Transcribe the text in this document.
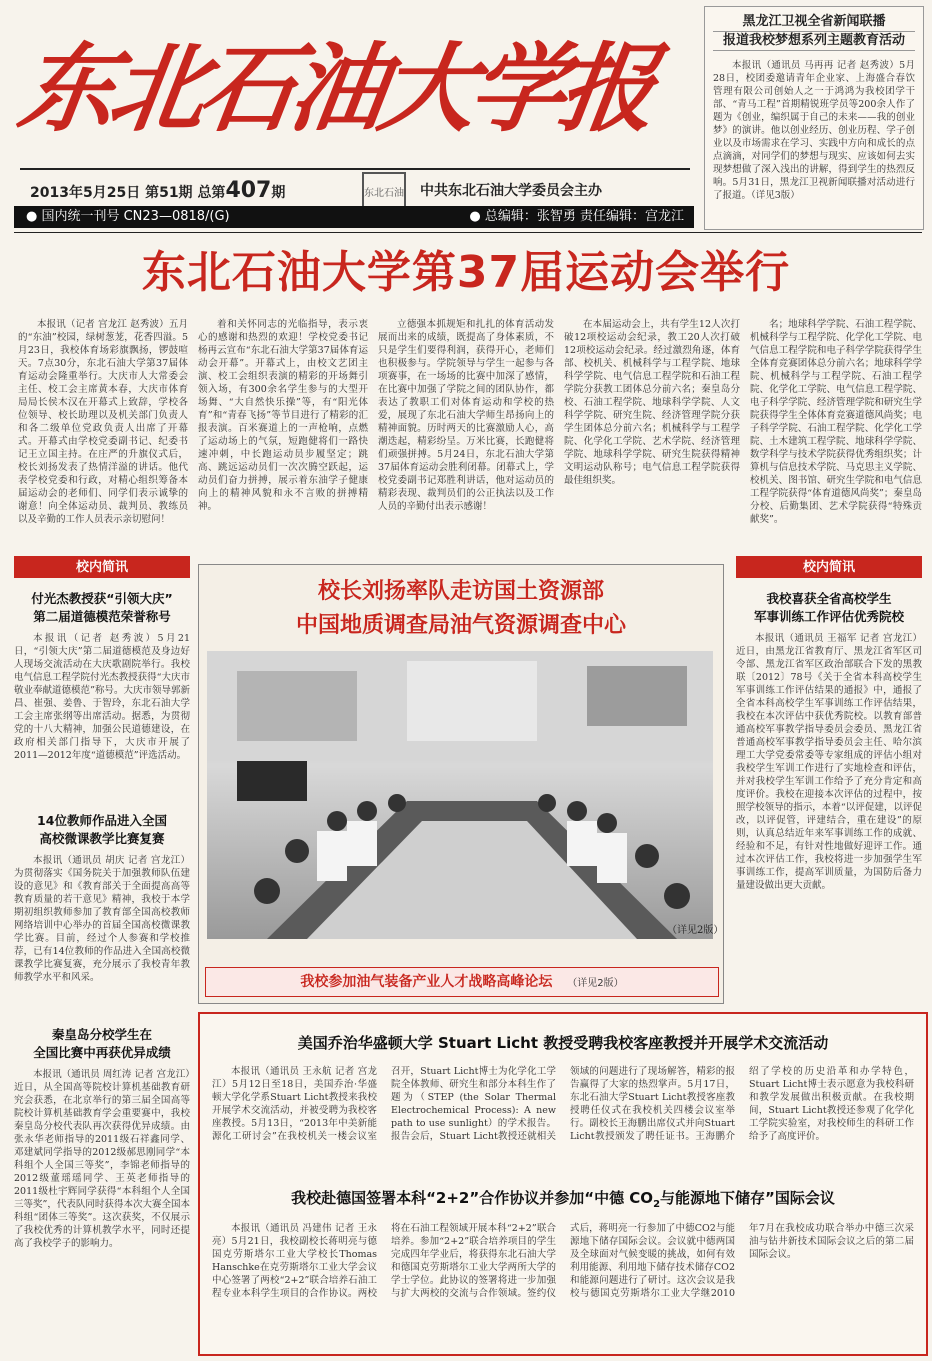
东北石油大学报
2013年5月25日 第51期 总第407期	东北石油 中共东北石油大学委员会主办
● 国内统一刊号 CN23—0818/(G)	● 总编辑：张智勇 责任编辑：宫龙江
黑龙江卫视全省新闻联播
报道我校梦想系列主题教育活动

本报讯（通讯员 马再再 记者 赵秀波）5月28日，校团委邀请青年企业家、上海盛合春饮管理有限公司创始人之一于鸿鸿为我校团学干部、“青马工程”首期精锐班学员等200余人作了题为《创业，编织属于自己的未来——我的创业梦》的演讲。他以创业经历、创业历程、学子创业以及市场需求在学习、实践中方向和成长的点点滴滴，对同学们的梦想与现实、应该如何去实现梦想做了深入浅出的讲解，得到学生的热烈反响。5月31日，黑龙江卫视新闻联播对活动进行了报道。（详见3版）

东北石油大学第37届运动会举行

本报讯（记者 宫龙江 赵秀波）五月的“东油”校园，绿树葱茏，花香四溢。5月23日，我校体育场彩旗飘扬，锣鼓喧天。7点30分，东北石油大学第37届体育运动会隆重举行。大庆市人大常委会主任、校工会主席黄本春，大庆市体育局局长侯木汉在开幕式上致辞，学校各位领导、校长助理以及机关部门负责人和各二级单位党政负责人出席了开幕式。开幕式由学校党委副书记、纪委书记王立国主持。在庄严的升旗仪式后，校长刘扬发表了热情洋溢的讲话。他代表学校党委和行政，对精心组织筹备本届运动会的老师们、同学们表示诚挚的谢意！向全体运动员、裁判员、教练员以及辛勤的工作人员表示亲切慰问！

着和关怀同志的光临指导，表示衷心的感谢和热烈的欢迎！学校党委书记杨再云宣布“东北石油大学第37届体育运动会开幕”。开幕式上，由校文艺团主演、校工会组织表演的精彩的开场舞引领入场，有300余名学生参与的大型开场舞、“大自然快乐操”等，有“阳光体育”和“青春飞扬”等节目进行了精彩的汇报表演。百米赛道上的一声枪响，点燃了运动场上的气氛，短跑健将们一路快速冲刺，中长跑运动员步履坚定；跳高、跳远运动员们一次次腾空跃起，运动员们奋力拼搏，展示着东油学子健康向上的精神风貌和永不言败的拼搏精神。

立德强本抓规矩和扎扎的体育活动发展而出来的成绩，既提高了身体素质，不只是学生们要得利润，获得开心，老师们也积极参与。学院领导与学生一起参与各项赛事，在一场场的比赛中加深了感情，在比赛中加强了学院之间的团队协作，都表达了教职工们对体育运动和学校的热爱，展现了东北石油大学师生昂扬向上的精神面貌。历时两天的比赛激励人心，高潮迭起，精彩纷呈。万米比赛，长跑健将们顽强拼搏。5月24日，东北石油大学第37届体育运动会胜利闭幕。闭幕式上，学校党委副书记郑胜利讲话，他对运动员的精彩表现、裁判员们的公正执法以及工作人员的辛勤付出表示感谢！

在本届运动会上，共有学生12人次打破12项校运动会纪录，教工20人次打破12项校运动会纪录。经过激烈角逐，体育部、校机关、机械科学与工程学院、地球科学学院、电气信息工程学院和石油工程学院分获教工团体总分前六名；秦皇岛分校、石油工程学院、地球科学学院、人文科学学院、研究生院、经济管理学院分获学生团体总分前六名；机械科学与工程学院、化学化工学院、艺术学院、经济管理学院、地球科学学院、研究生院获得精神文明运动队称号；电气信息工程学院获得最佳组织奖。

名；地球科学学院、石油工程学院、机械科学与工程学院、化学化工学院、电气信息工程学院和电子科学学院获得学生全体育竞赛团体总分前六名；地球科学学院、机械科学与工程学院、石油工程学院、化学化工学院、电气信息工程学院、电子科学学院、经济管理学院和研究生学院获得学生全体体育竞赛道德风尚奖；电子科学学院、石油工程学院、化学化工学院、土木建筑工程学院、地球科学学院、数学科学与技术学院获得优秀组织奖；计算机与信息技术学院、马克思主义学院、校机关、图书馆、研究生学院和电气信息工程学院获得“体育道德风尚奖”；秦皇岛分校、后勤集团、艺术学院获得“特殊贡献奖”。

校内简讯
付光杰教授获“引领大庆”
第二届道德模范荣誉称号

本报讯（记者 赵秀波）5月21日，“引领大庆”第二届道德模范及身边好人现场交流活动在大庆歌剧院举行。我校电气信息工程学院付光杰教授获得“大庆市敬业奉献道德模范”称号。大庆市领导郭新昌、崔强、姜鲁、于智玲，东北石油大学工会主席张纲等出席活动。据悉，为贯彻党的十八大精神，加强公民道德建设，在政府相关部门指导下，大庆市开展了2011—2012年度“道德模范”评选活动。

14位教师作品进入全国
高校微课教学比赛复赛

本报讯（通讯员 胡庆 记者 宫龙江）为贯彻落实《国务院关于加强教师队伍建设的意见》和《教育部关于全面提高高等教育质量的若干意见》精神，我校于本学期初组织教师参加了教育部全国高校教师网络培训中心举办的首届全国高校微课教学比赛。目前，经过个人参赛和学校推荐，已有14位教师的作品进入全国高校微课教学比赛复赛，充分展示了我校青年教师教学水平和风采。

秦皇岛分校学生在
全国比赛中再获优异成绩

本报讯（通讯员 周红涛 记者 宫龙江）近日，从全国高等院校计算机基础教育研究会获悉，在北京举行的第三届全国高等院校计算机基础教育学会重要赛中，我校秦皇岛分校代表队再次获得优异成绩。由张永华老师指导的2011级石祥鑫同学、邓建斌同学指导的2012级郝思刚同学“本科组个人全国三等奖”，李锦老师指导的2012级董瑶瑶同学、王英老师指导的2011级杜宇辉同学获得“本科组个人全国三等奖”，代表队同时获得本次大赛全国本科组“团体三等奖”。这次获奖，不仅展示了我校优秀的计算机教学水平，同时还提高了我校学子的影响力。

校长刘扬率队走访国土资源部
中国地质调查局油气资源调查中心
（详见2版）
我校参加油气装备产业人才战略高峰论坛 （详见2版）
校内简讯
我校喜获全省高校学生
军事训练工作评估优秀院校

本报讯（通讯员 王福军 记者 宫龙江）近日，由黑龙江省教育厅、黑龙江省军区司令部、黑龙江省军区政治部联合下发的黑教联〔2012〕78号《关于全省本科高校学生军事训练工作评估结果的通报》中，通报了全省本科高校学生军事训练工作评估结果，我校在本次评估中获优秀院校。以教育部普通高校军事教学指导委员会委员、黑龙江省普通高校军事教学指导委员会主任、哈尔滨理工大学党委常委等专家组成的评估小组对我校学生军训工作进行了实地检查和评估，并对我校学生军训工作给予了充分肯定和高度评价。我校在迎接本次评估的过程中，按照学校领导的指示，本着“以评促建，以评促改，以评促管，评建结合，重在建设”的原则，认真总结近年来军事训练工作的成就、经验和不足，有针对性地做好迎评工作。通过本次评估工作，我校将进一步加强学生军事训练工作，提高军训质量，为国防后备力量建设做出更大贡献。

美国乔治华盛顿大学 Stuart Licht 教授受聘我校客座教授并开展学术交流活动

本报讯（通讯员 王永航 记者 宫龙江）5月12日至18日，美国乔治·华盛顿大学化学系Stuart Licht教授来我校开展学术交流活动，并被受聘为我校客座教授。5月13日，“2013年中美新能源化工研讨会”在我校机关一楼会议室召开，Stuart Licht博士为化学化工学院全体教师、研究生和部分本科生作了题为（STEP (the Solar Thermal Electrochemical Process): A new path to use sunlight）的学术报告。报告会后，Stuart Licht教授还就相关领域的问题进行了现场解答，精彩的报告赢得了大家的热烈掌声。5月17日，东北石油大学Stuart Licht教授客座教授聘任仪式在我校机关四楼会议室举行。副校长王海鹏出席仪式并向Stuart Licht教授颁发了聘任证书。王海鹏介绍了学校的历史沿革和办学特色，Stuart Licht博士表示愿意为我校科研和教学发展做出积极贡献。在我校期间，Stuart Licht教授还参观了化学化工学院实验室，对我校师生的科研工作给予了高度评价。

我校赴德国签署本科“2+2”合作协议并参加“中德 $CO_2$与能源地下储存”国际会议

本报讯（通讯员 冯建伟 记者 王永亮）5月21日，我校副校长蒋明亮与德国克劳斯塔尔工业大学校长Thomas Hanschke在克劳斯塔尔工业大学会议中心签署了两校“2+2”联合培养石油工程专业本科学生项目的合作协议。两校将在石油工程领域开展本科“2+2”联合培养。参加“2+2”联合培养项目的学生完成四年学业后，将获得东北石油大学和德国克劳斯塔尔工业大学两所大学的学士学位。此协议的签署将进一步加强与扩大两校的交流与合作领域。签约仪式后，蒋明亮一行参加了中德CO2与能源地下储存国际会议。会议就中德两国及全球面对气候变暖的挑战，如何有效利用能源、利用地下储存技术储存CO2和能源问题进行了研讨。这次会议是我校与德国克劳斯塔尔工业大学继2010年7月在我校成功联合举办中德三次采油与钻井新技术国际会议之后的第二届国际会议。
